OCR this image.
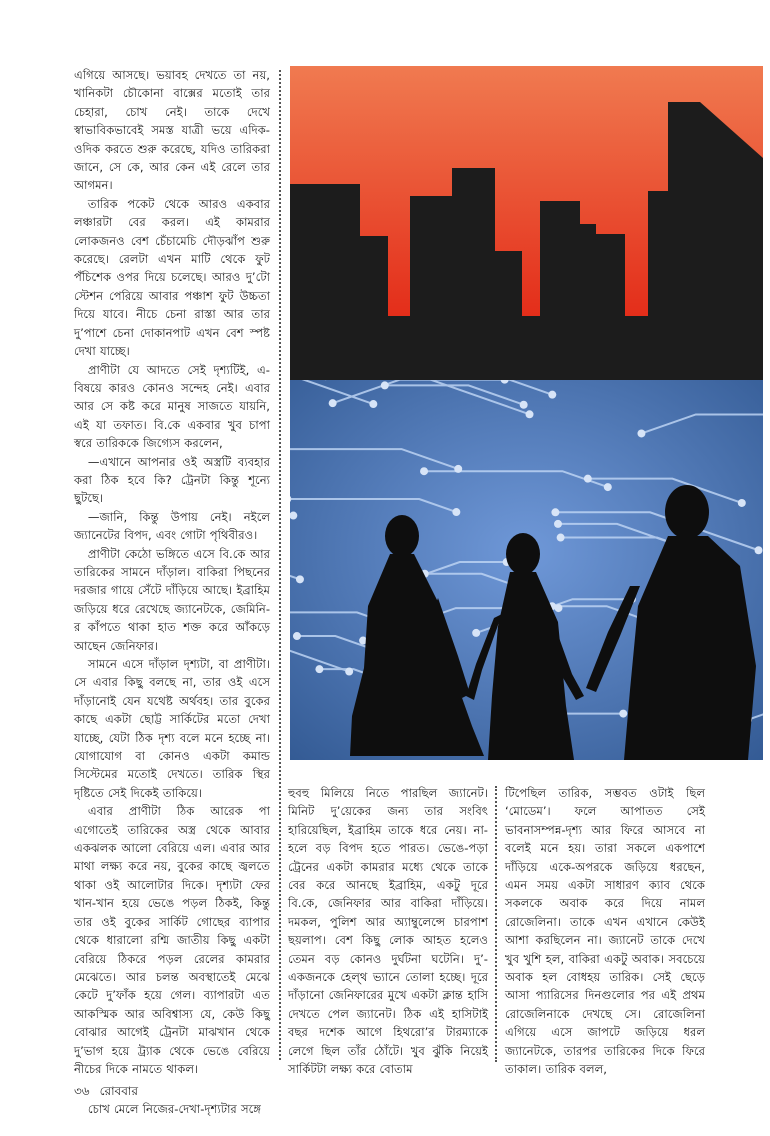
এগিয়ে আসছে। ভয়াবহ দেখতে তা নয়, খানিকটা চৌকোনা বাক্সের মতোই তার চেহারা, চোখ নেই। তাকে দেখে স্বাভাবিকভাবেই সমস্ত যাত্রী ভয়ে এদিক-ওদিক করতে শুরু করেছে, যদিও তারিকরা জানে, সে কে, আর কেন এই রেলে তার আগমন।

তারিক পকেট থেকে আরও একবার লঞ্চারটা বের করল। এই কামরার লোকজনও বেশ চেঁচামেচি দৌড়ঝাঁপ শুরু করেছে। রেলটা এখন মাটি থেকে ফুট পঁচিশেক ওপর দিয়ে চলেছে। আরও দু’টো স্টেশন পেরিয়ে আবার পঞ্চাশ ফুট উচ্চতা দিয়ে যাবে। নীচে চেনা রাস্তা আর তার দু’পাশে চেনা দোকানপাট এখন বেশ স্পষ্ট দেখা যাচ্ছে।

প্রাণীটা যে আদতে সেই দৃশ্যটিই, এ-বিষয়ে কারও কোনও সন্দেহ নেই। এবার আর সে কষ্ট করে মানুষ সাজতে যায়নি, এই যা তফাত। বি.কে একবার খুব চাপা স্বরে তারিককে জিগ্যেস করলেন,

—এখানে আপনার ওই অস্ত্রটি ব্যবহার করা ঠিক হবে কি? ট্রেনটা কিন্তু শূন্যে ছুটছে।

—জানি, কিন্তু উপায় নেই। নইলে জ্যানেটের বিপদ, এবং গোটা পৃথিবীরও।

প্রাণীটা কেঠো ভঙ্গিতে এসে বি.কে আর তারিকের সামনে দাঁড়াল। বাকিরা পিছনের দরজার গায়ে সেঁটে দাঁড়িয়ে আছে। ইব্রাহিম জড়িয়ে ধরে রেখেছে জ্যানেটকে, জেমিনি-র কাঁপতে থাকা হাত শক্ত করে আঁকড়ে আছেন জেনিফার।

সামনে এসে দাঁড়াল দৃশ্যটা, বা প্রাণীটা। সে এবার কিছু বলছে না, তার ওই এসে দাঁড়ানোই যেন যথেষ্ট অর্থবহ। তার বুকের কাছে একটা ছোট্ট সার্কিটের মতো দেখা যাচ্ছে, যেটা ঠিক দৃশ্য বলে মনে হচ্ছে না। যোগাযোগ বা কোনও একটা কমান্ড সিস্টেমের মতোই দেখতে। তারিক স্থির দৃষ্টিতে সেই দিকেই তাকিয়ে।

এবার প্রাণীটা ঠিক আরেক পা এগোতেই তারিকের অস্ত্র থেকে আবার একঝলক আলো বেরিয়ে এল। এবার আর মাথা লক্ষ্য করে নয়, বুকের কাছে জ্বলতে থাকা ওই আলোটার দিকে। দৃশ্যটা ফের খান-খান হয়ে ভেঙে পড়ল ঠিকই, কিন্তু তার ওই বুকের সার্কিট গোছের ব্যাপার থেকে ধারালো রশ্মি জাতীয় কিছু একটা বেরিয়ে ঠিকরে পড়ল রেলের কামরার মেঝেতে। আর চলন্ত অবস্থাতেই মেঝে কেটে দু’ফাঁক হয়ে গেল। ব্যাপারটা এত আকস্মিক আর অবিশ্বাস্য যে, কেউ কিছু বোঝার আগেই ট্রেনটা মাঝখান থেকে দু’ভাগ হয়ে ট্র্যাক থেকে ভেঙে বেরিয়ে নীচের দিকে নামতে থাকল।

চোখ মেলে নিজের-দেখা-দৃশ্যটার সঙ্গে

হুবহু মিলিয়ে নিতে পারছিল জ্যানেট। মিনিট দু’য়েকের জন্য তার সংবিৎ হারিয়েছিল, ইব্রাহিম তাকে ধরে নেয়। না-হলে বড় বিপদ হতে পারত। ভেঙে-পড়া ট্রেনের একটা কামরার মধ্যে থেকে তাকে বের করে আনছে ইব্রাহিম, একটু দূরে বি.কে, জেনিফার আর বাকিরা দাঁড়িয়ে। দমকল, পুলিশ আর অ্যাম্বুলেন্সে চারপাশ ছয়লাপ। বেশ কিছু লোক আহত হলেও তেমন বড় কোনও দুর্ঘটনা ঘটেনি। দু’-একজনকে হেল্‌থ ভ্যানে তোলা হচ্ছে। দূরে দাঁড়ানো জেনিফারের মুখে একটা ক্লান্ত হাসি দেখতে পেল জ্যানেট। ঠিক এই হাসিটাই বছর দশেক আগে হিথরো’র টারম্যাকে লেগে ছিল তাঁর ঠোঁটে। খুব ঝুঁকি নিয়েই সার্কিটটা লক্ষ্য করে বোতাম

টিপেছিল তারিক, সম্ভবত ওটাই ছিল ‘মোডেম’। ফলে আপাতত সেই ভাবনাসম্পন্ন-দৃশ্য আর ফিরে আসবে না বলেই মনে হয়। তারা সকলে একপাশে দাঁড়িয়ে একে-অপরকে জড়িয়ে ধরছেন, এমন সময় একটা সাধারণ ক্যাব থেকে সকলকে অবাক করে দিয়ে নামল রোজেলিনা। তাকে এখন এখানে কেউই আশা করছিলেন না। জ্যানেট তাকে দেখে খুব খুশি হল, বাকিরা একটু অবাক। সবচেয়ে অবাক হল বোধহয় তারিক। সেই ছেড়ে আসা প্যারিসের দিনগুলোর পর এই প্রথম রোজেলিনাকে দেখছে সে। রোজেলিনা এগিয়ে এসে জাপটে জড়িয়ে ধরল জ্যানেটকে, তারপর তারিকের দিকে ফিরে তাকাল। তারিক বলল,

৩৬ রোববার
